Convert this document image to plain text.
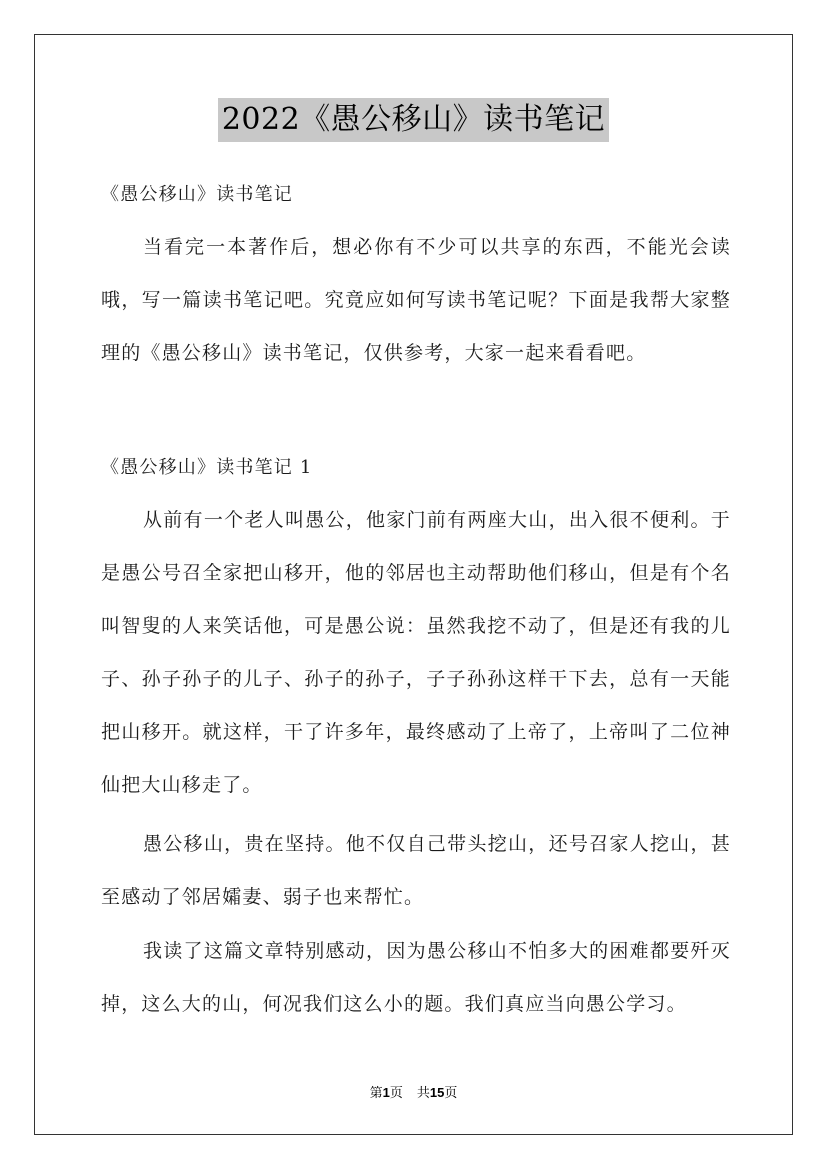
2022《愚公移山》读书笔记
《愚公移山》读书笔记
当看完一本著作后，想必你有不少可以共享的东西，不能光会读哦，写一篇读书笔记吧。究竟应如何写读书笔记呢？下面是我帮大家整理的《愚公移山》读书笔记，仅供参考，大家一起来看看吧。
《愚公移山》读书笔记 1
从前有一个老人叫愚公，他家门前有两座大山，出入很不便利。于是愚公号召全家把山移开，他的邻居也主动帮助他们移山，但是有个名叫智叟的人来笑话他，可是愚公说：虽然我挖不动了，但是还有我的儿子、孙子孙子的儿子、孙子的孙子，子子孙孙这样干下去，总有一天能把山移开。就这样，干了许多年，最终感动了上帝了，上帝叫了二位神仙把大山移走了。
愚公移山，贵在坚持。他不仅自己带头挖山，还号召家人挖山，甚至感动了邻居孀妻、弱子也来帮忙。
我读了这篇文章特别感动，因为愚公移山不怕多大的困难都要歼灭掉，这么大的山，何况我们这么小的题。我们真应当向愚公学习。
第1页 共15页
